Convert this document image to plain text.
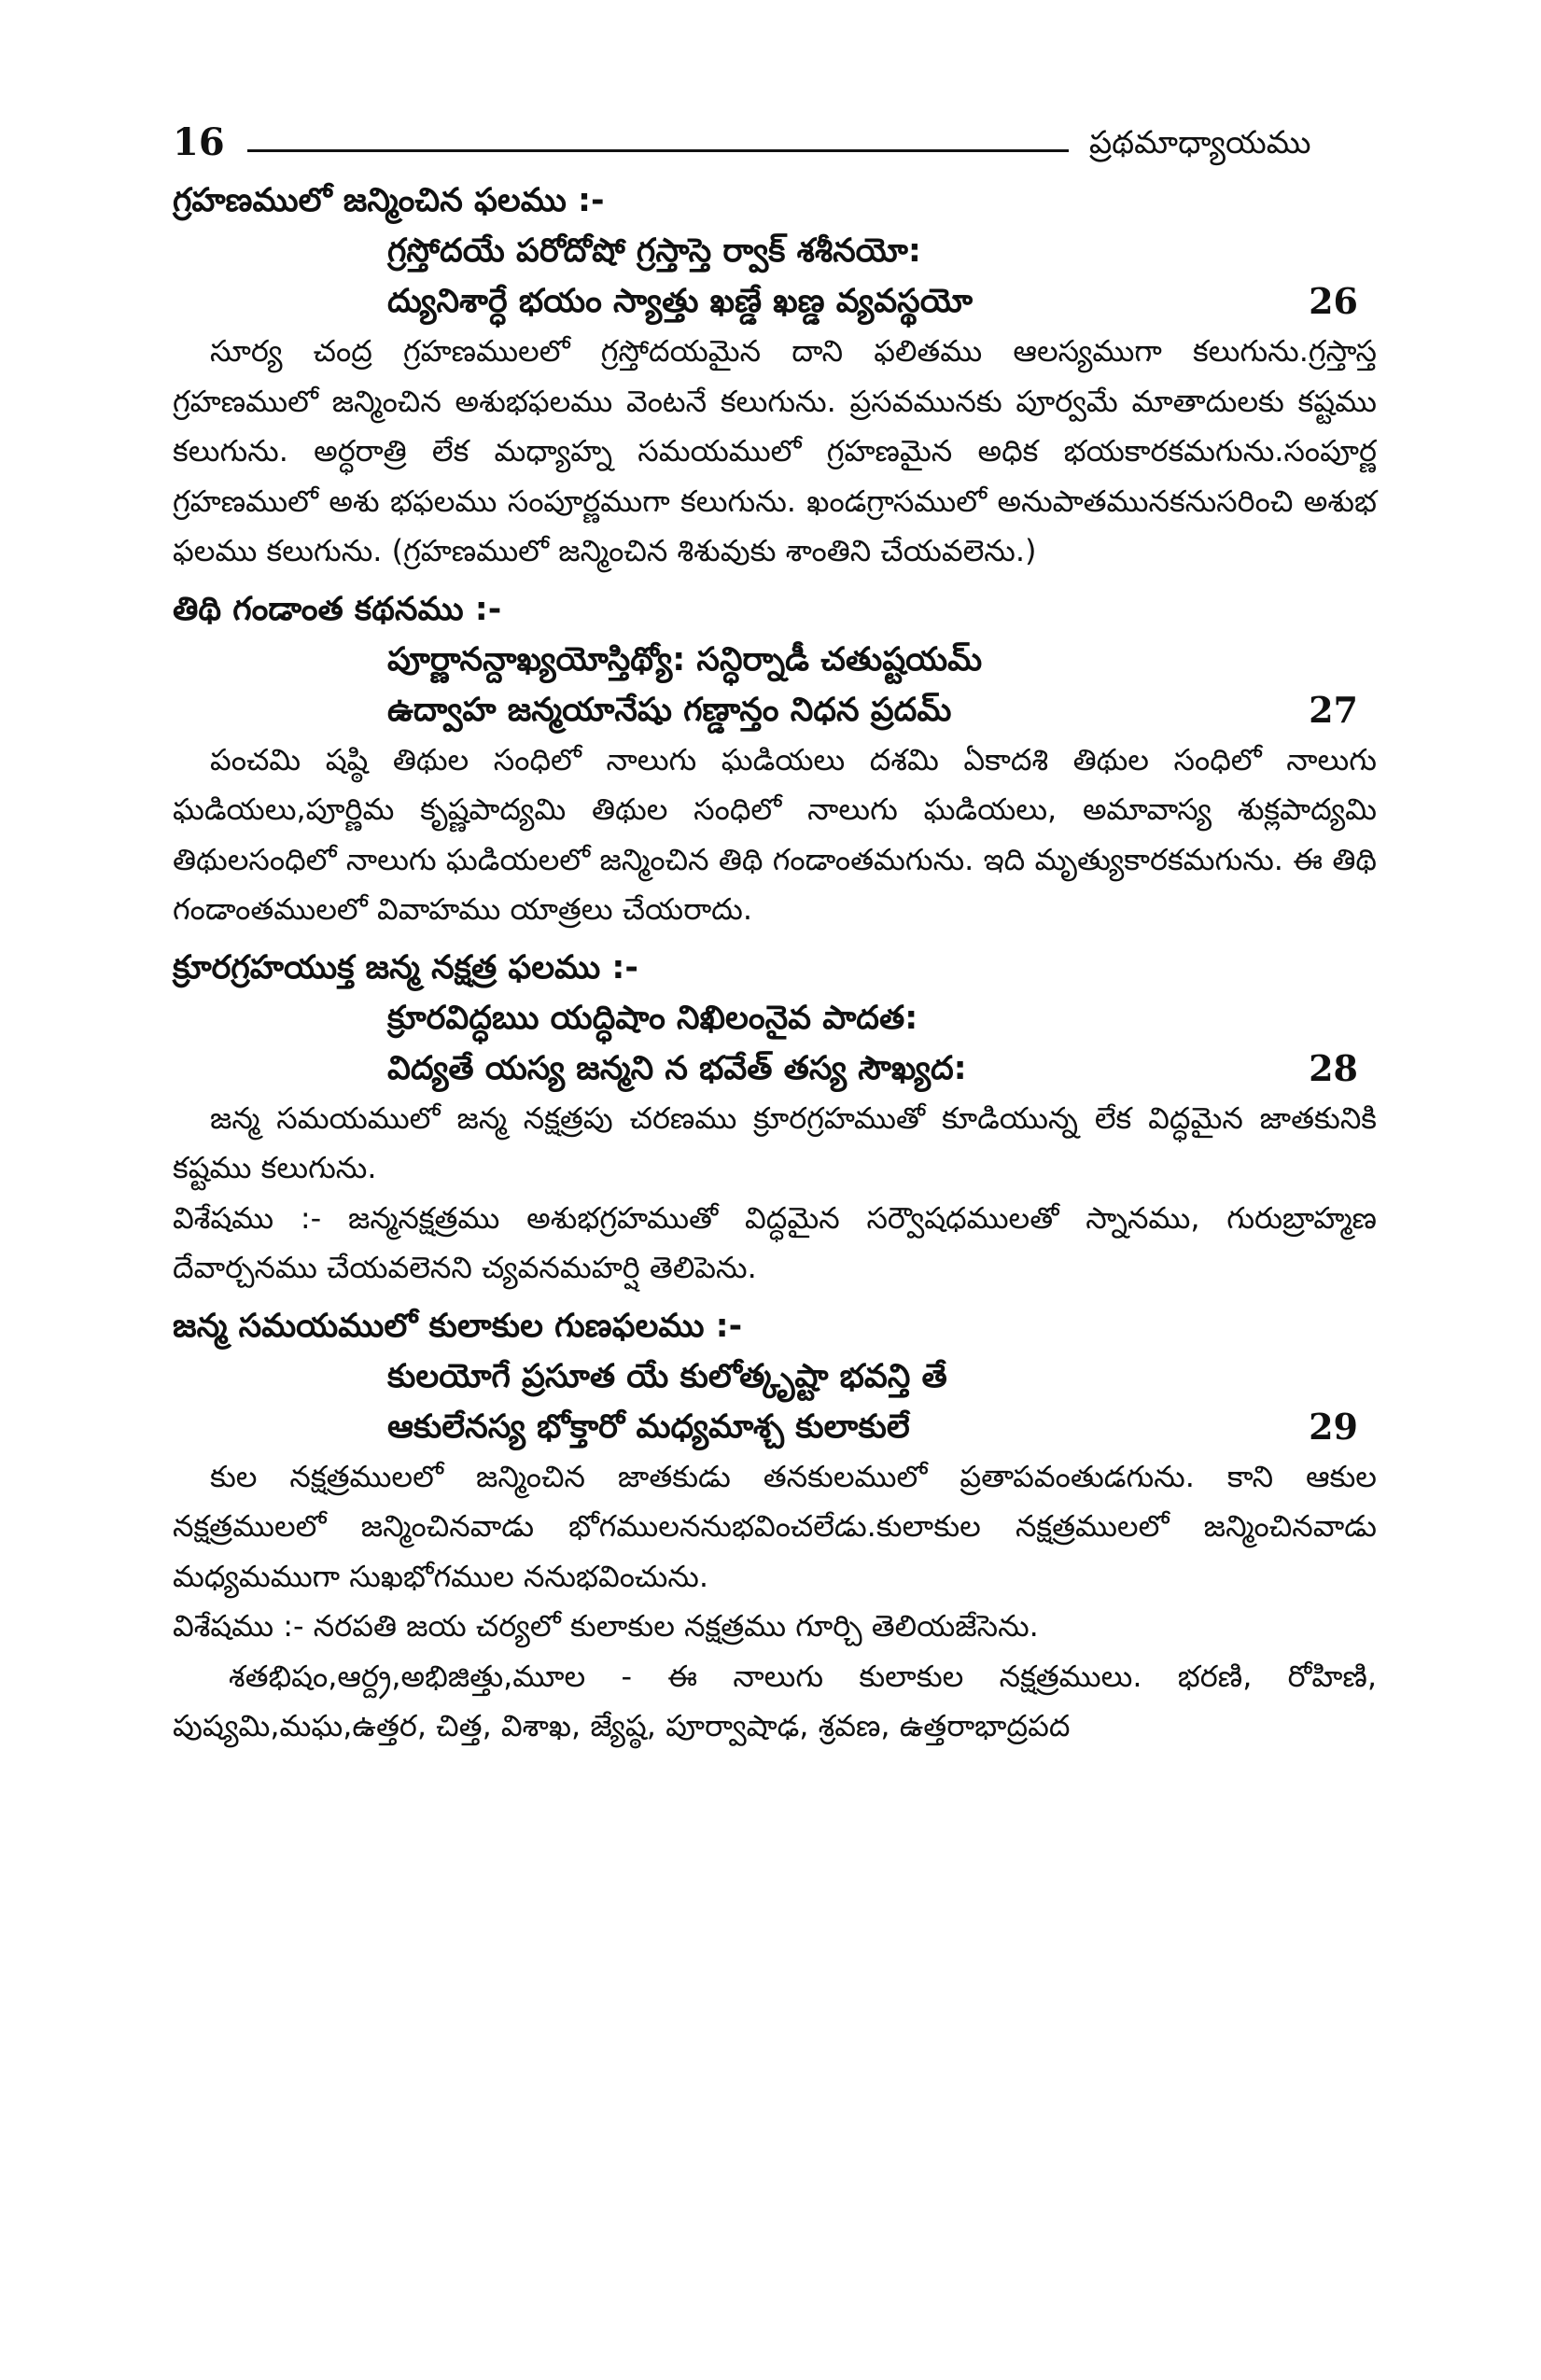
16	ప్రథమాధ్యాయము
గ్రహణములో జన్మించిన ఫలము :-
గ్రస్తోదయే పరోదోషో గ్రస్తాస్తె ర్వాక్ శశీనయో:
ద్యునిశార్ధే భయం స్యాత్తు ఖణ్డే ఖణ్డ వ్యవస్థయో	26

సూర్య చంద్ర గ్రహణములలో గ్రస్తోదయమైన దాని ఫలితము ఆలస్యముగా కలుగును.గ్రస్తాస్త గ్రహణములో జన్మించిన అశుభఫలము వెంటనే కలుగును. ప్రసవమునకు పూర్వమే మాతాదులకు కష్టము కలుగును. అర్ధరాత్రి లేక మధ్యాహ్న సమయములో గ్రహణమైన అధిక భయకారకమగును.సంపూర్ణ గ్రహణములో అశు భఫలము సంపూర్ణముగా కలుగును. ఖండగ్రాసములో అనుపాతమునకనుసరించి అశుభ ఫలము కలుగును. (గ్రహణములో జన్మించిన శిశువుకు శాంతిని చేయవలెను.)

తిథి గండాంత కథనము :-
పూర్ణానన్దాఖ్యయోస్తిథ్యో: సన్ధిర్నాడీ చతుష్టయమ్
ఉద్వాహ జన్మయానేషు గణ్డాన్తం నిధన ప్రదమ్	27

పంచమి షష్ఠి తిథుల సంధిలో నాలుగు ఘడియలు దశమి ఏకాదశి తిథుల సంధిలో నాలుగు ఘడియలు,పూర్ణిమ కృష్ణపాద్యమి తిథుల సంధిలో నాలుగు ఘడియలు, అమావాస్య శుక్లపాద్యమి తిథులసంధిలో నాలుగు ఘడియలలో జన్మించిన తిథి గండాంతమగును. ఇది మృత్యుకారకమగును. ఈ తిథి గండాంతములలో వివాహము యాత్రలు చేయరాదు.

క్రూరగ్రహయుక్త జన్మ నక్షత్ర ఫలము :-
క్రూరవిద్ధఋ యద్ధిషాం నిఖిలంనైవ పాదత:
విద్యతే యస్య జన్మని న భవేత్ తస్య సౌఖ్యద:	28

జన్మ సమయములో జన్మ నక్షత్రపు చరణము క్రూరగ్రహముతో కూడియున్న లేక విద్ధమైన జాతకునికి కష్టము కలుగును.

విశేషము :- జన్మనక్షత్రము అశుభగ్రహముతో విద్ధమైన సర్వౌషధములతో స్నానము, గురుబ్రాహ్మణ దేవార్చనము చేయవలెనని చ్యవనమహర్షి తెలిపెను.

జన్మ సమయములో కులాకుల గుణఫలము :-
కులయోగే ప్రసూత యే కులోత్కృష్టా భవన్తి తే
ఆకులేనస్య భోక్తారో మధ్యమాశ్చ కులాకులే	29

కుల నక్షత్రములలో జన్మించిన జాతకుడు తనకులములో ప్రతాపవంతుడగును. కాని ఆకుల నక్షత్రములలో జన్మించినవాడు భోగములననుభవించలేడు.కులాకుల నక్షత్రములలో జన్మించినవాడు మధ్యమముగా సుఖభోగముల ననుభవించును.

విశేషము :- నరపతి జయ చర్యలో కులాకుల నక్షత్రము గూర్చి తెలియజేసెను.

శతభిషం,ఆర్ద్ర,అభిజిత్తు,మూల - ఈ నాలుగు కులాకుల నక్షత్రములు. భరణి, రోహిణి, పుష్యమి,మఘ,ఉత్తర, చిత్త, విశాఖ, జ్యేష్ఠ, పూర్వాషాఢ, శ్రవణ, ఉత్తరాభాద్రపద
